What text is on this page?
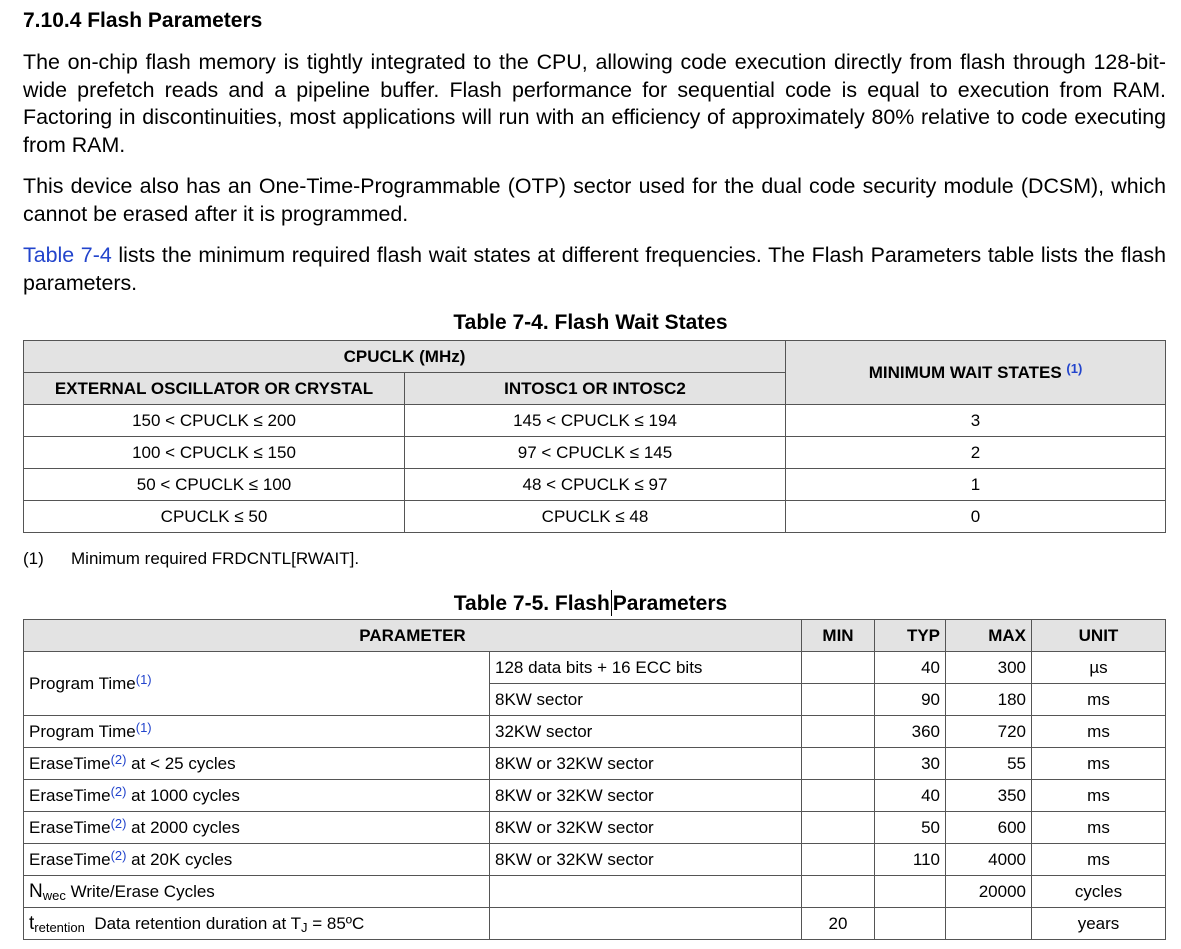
7.10.4 Flash Parameters

The on-chip flash memory is tightly integrated to the CPU, allowing code execution directly from flash through 128-bit-wide prefetch reads and a pipeline buffer. Flash performance for sequential code is equal to execution from RAM. Factoring in discontinuities, most applications will run with an efficiency of approximately 80% relative to code executing from RAM.

This device also has an One-Time-Programmable (OTP) sector used for the dual code security module (DCSM), which cannot be erased after it is programmed.

Table 7-4 lists the minimum required flash wait states at different frequencies. The Flash Parameters table lists the flash parameters.

Table 7-4. Flash Wait States
CPUCLK (MHz)		MINIMUM WAIT STATES $^{(1)}$
EXTERNAL OSCILLATOR OR CRYSTAL	INTOSC1 OR INTOSC2	
150 < CPUCLK ≤ 200	145 < CPUCLK ≤ 194	3
100 < CPUCLK ≤ 150	97 < CPUCLK ≤ 145	2
50 < CPUCLK ≤ 100	48 < CPUCLK ≤ 97	1
CPUCLK ≤ 50	CPUCLK ≤ 48	0
(1) Minimum required FRDCNTL[RWAIT].
Table 7-5. Flash Parameters
PARAMETER		MIN	TYP	MAX	UNIT
Program Time$^{(1)}$	128 data bits + 16 ECC bits		40	300	µs
	8KW sector		90	180	ms
Program Time$^{(1)}$	32KW sector		360	720	ms
EraseTime$^{(2)}$ at < 25 cycles	8KW or 32KW sector		30	55	ms
EraseTime$^{(2)}$ at 1000 cycles	8KW or 32KW sector		40	350	ms
EraseTime$^{(2)}$ at 2000 cycles	8KW or 32KW sector		50	600	ms
EraseTime$^{(2)}$ at 20K cycles	8KW or 32KW sector		110	4000	ms
$N_{wec}$ Write/Erase Cycles				20000	cycles
$t_{retention}$  Data retention duration at $T_J$ = 85ºC		20			years
